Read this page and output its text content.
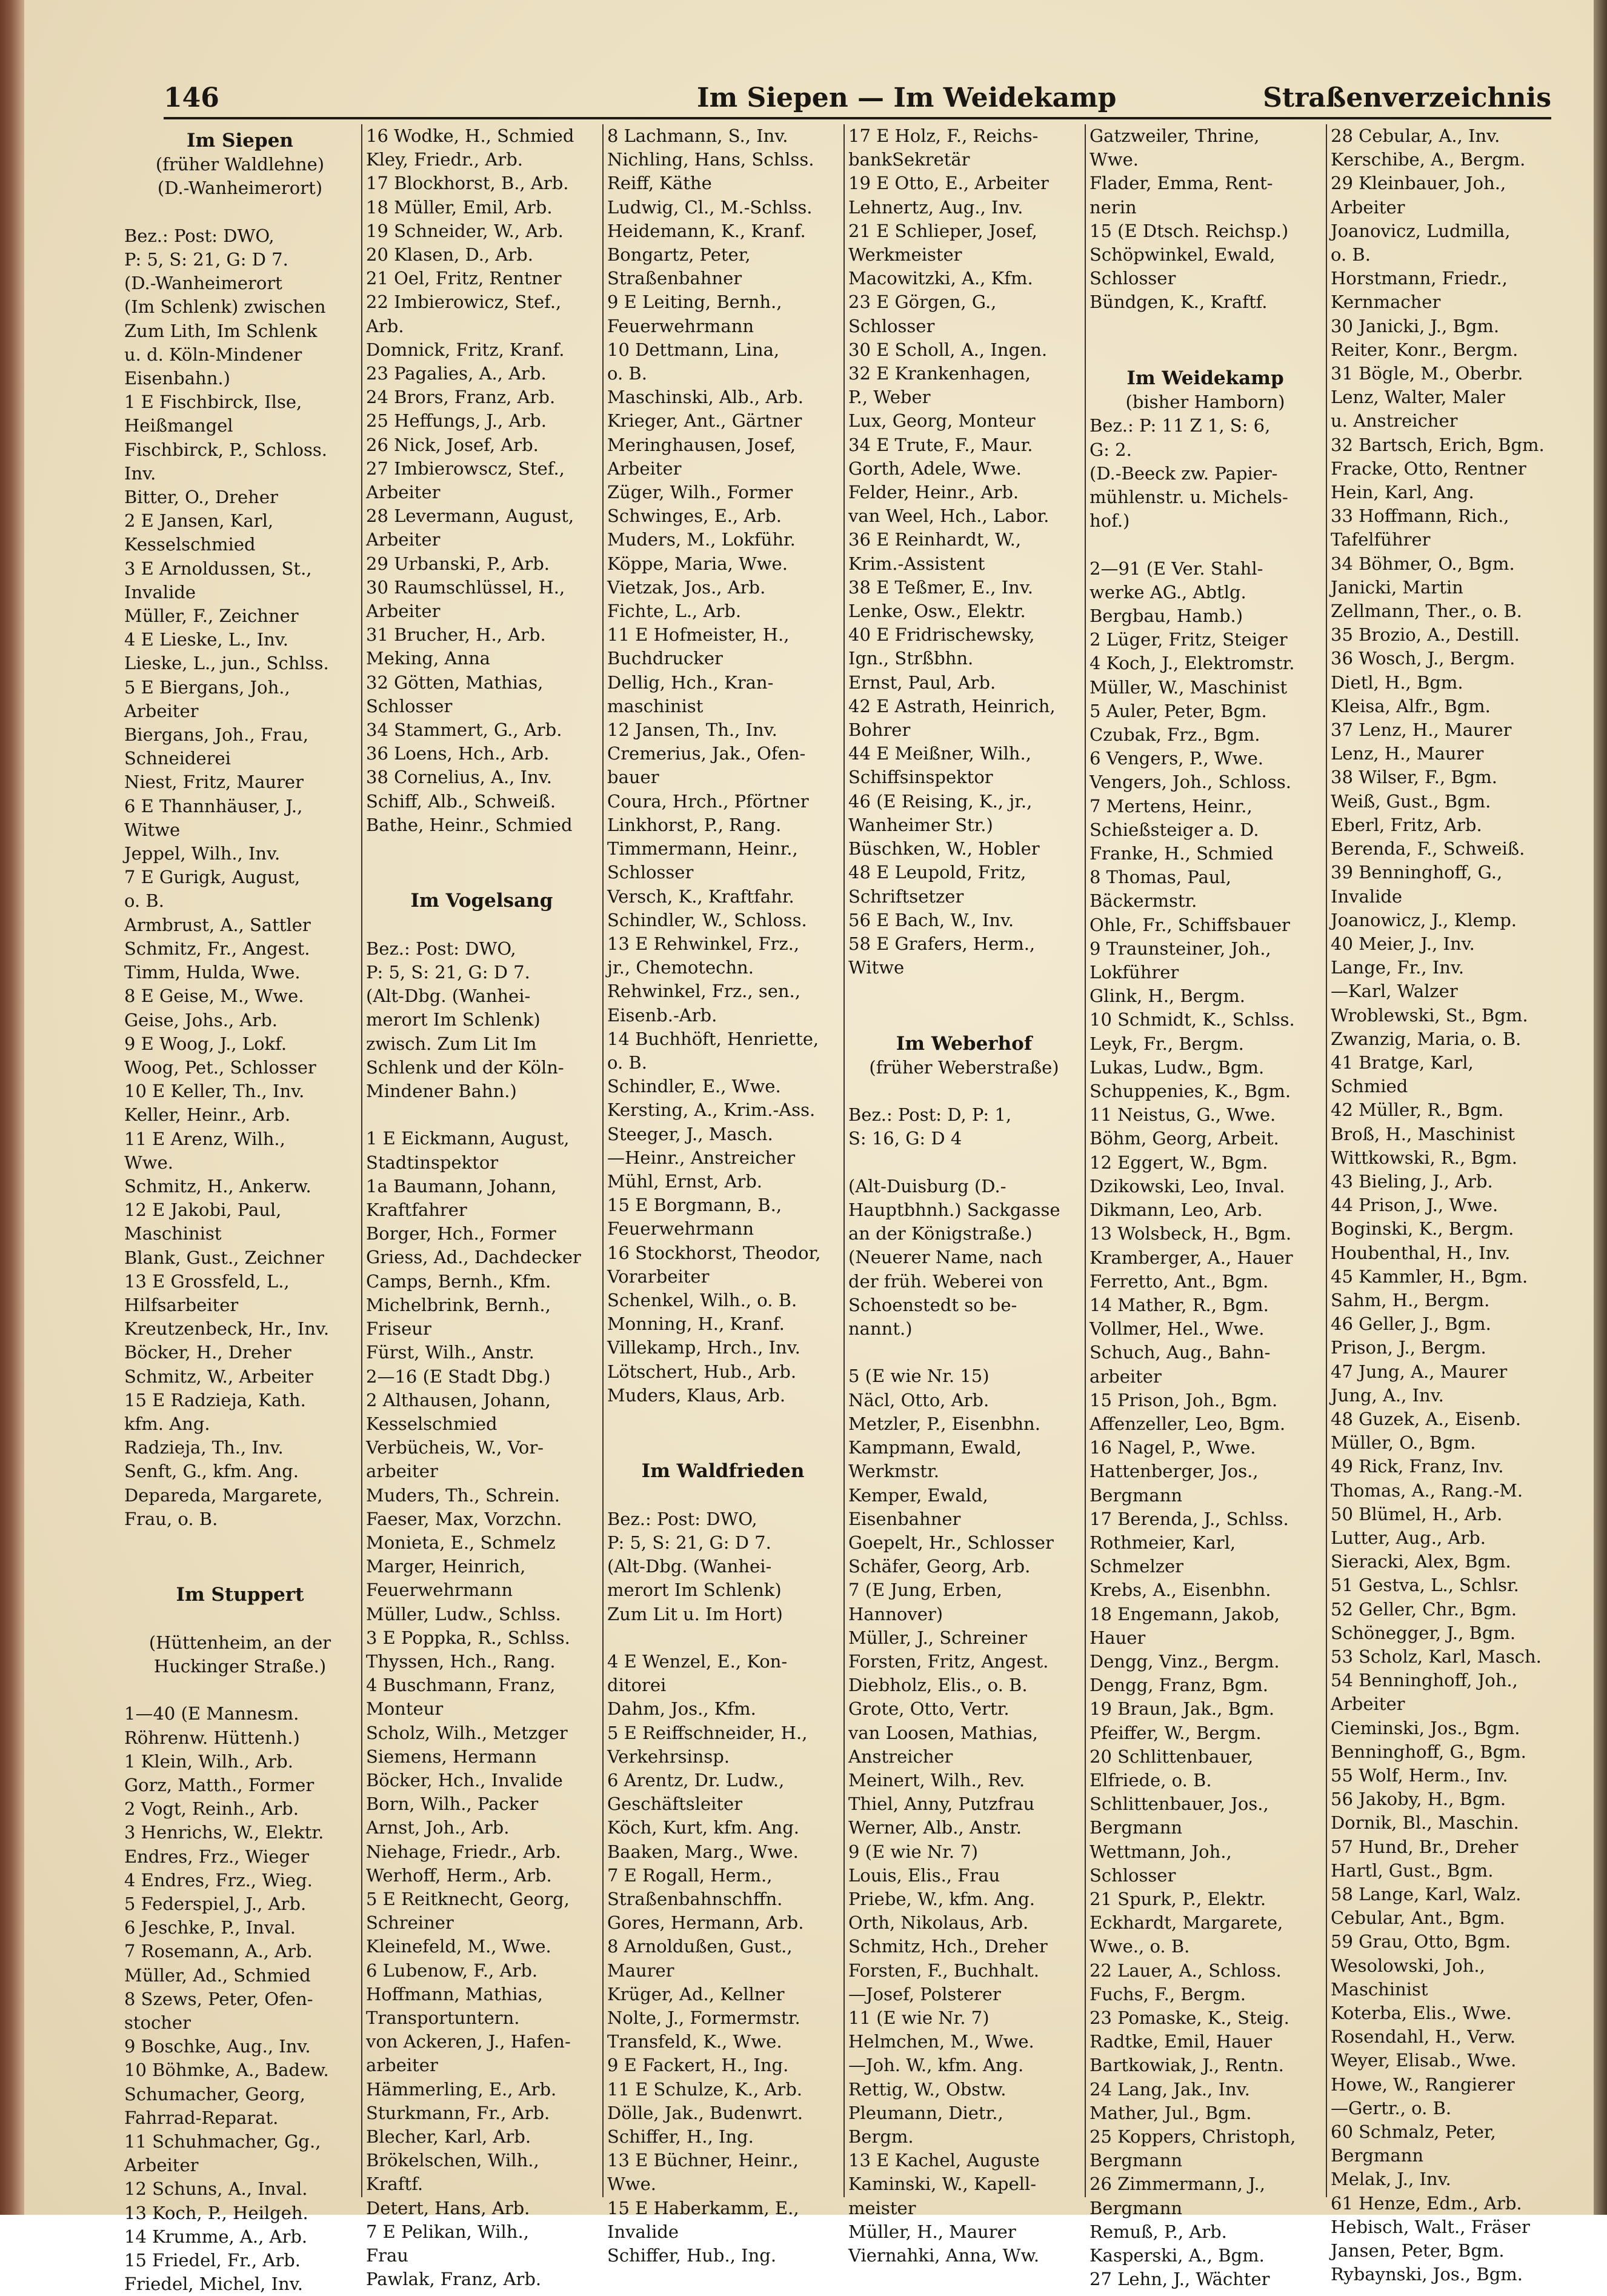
146	Im Siepen — Im Weidekamp	Straßenverzeichnis
Im Siepen
(früher Waldlehne)
(D.-Wanheimerort)
Bez.: Post: DWO,
P: 5, S: 21, G: D 7.
(D.-Wanheimerort
(Im Schlenk) zwischen
Zum Lith, Im Schlenk
u. d. Köln-Mindener
Eisenbahn.)
1 E Fischbirck, Ilse,
Heißmangel
Fischbirck, P., Schloss.
Inv.
Bitter, O., Dreher
2 E Jansen, Karl,
Kesselschmied
3 E Arnoldussen, St.,
Invalide
Müller, F., Zeichner
4 E Lieske, L., Inv.
Lieske, L., jun., Schlss.
5 E Biergans, Joh.,
Arbeiter
Biergans, Joh., Frau,
Schneiderei
Niest, Fritz, Maurer
6 E Thannhäuser, J.,
Witwe
Jeppel, Wilh., Inv.
7 E Gurigk, August,
o. B.
Armbrust, A., Sattler
Schmitz, Fr., Angest.
Timm, Hulda, Wwe.
8 E Geise, M., Wwe.
Geise, Johs., Arb.
9 E Woog, J., Lokf.
Woog, Pet., Schlosser
10 E Keller, Th., Inv.
Keller, Heinr., Arb.
11 E Arenz, Wilh.,
Wwe.
Schmitz, H., Ankerw.
12 E Jakobi, Paul,
Maschinist
Blank, Gust., Zeichner
13 E Grossfeld, L.,
Hilfsarbeiter
Kreutzenbeck, Hr., Inv.
Böcker, H., Dreher
Schmitz, W., Arbeiter
15 E Radzieja, Kath.
kfm. Ang.
Radzieja, Th., Inv.
Senft, G., kfm. Ang.
Depareda, Margarete,
Frau, o. B.
Im Stuppert
(Hüttenheim, an der
Huckinger Straße.)
1—40 (E Mannesm.
Röhrenw. Hüttenh.)
1 Klein, Wilh., Arb.
Gorz, Matth., Former
2 Vogt, Reinh., Arb.
3 Henrichs, W., Elektr.
Endres, Frz., Wieger
4 Endres, Frz., Wieg.
5 Federspiel, J., Arb.
6 Jeschke, P., Inval.
7 Rosemann, A., Arb.
Müller, Ad., Schmied
8 Szews, Peter, Ofen-
stocher
9 Boschke, Aug., Inv.
10 Böhmke, A., Badew.
Schumacher, Georg,
Fahrrad-Reparat.
11 Schuhmacher, Gg.,
Arbeiter
12 Schuns, A., Inval.
13 Koch, P., Heilgeh.
14 Krumme, A., Arb.
15 Friedel, Fr., Arb.
Friedel, Michel, Inv.
16 Wodke, H., Schmied
Kley, Friedr., Arb.
17 Blockhorst, B., Arb.
18 Müller, Emil, Arb.
19 Schneider, W., Arb.
20 Klasen, D., Arb.
21 Oel, Fritz, Rentner
22 Imbierowicz, Stef.,
Arb.
Domnick, Fritz, Kranf.
23 Pagalies, A., Arb.
24 Brors, Franz, Arb.
25 Heffungs, J., Arb.
26 Nick, Josef, Arb.
27 Imbierowscz, Stef.,
Arbeiter
28 Levermann, August,
Arbeiter
29 Urbanski, P., Arb.
30 Raumschlüssel, H.,
Arbeiter
31 Brucher, H., Arb.
Meking, Anna
32 Götten, Mathias,
Schlosser
34 Stammert, G., Arb.
36 Loens, Hch., Arb.
38 Cornelius, A., Inv.
Schiff, Alb., Schweiß.
Bathe, Heinr., Schmied
Im Vogelsang
Bez.: Post: DWO,
P: 5, S: 21, G: D 7.
(Alt-Dbg. (Wanhei-
merort Im Schlenk)
zwisch. Zum Lit Im
Schlenk und der Köln-
Mindener Bahn.)
1 E Eickmann, August,
Stadtinspektor
1a Baumann, Johann,
Kraftfahrer
Borger, Hch., Former
Griess, Ad., Dachdecker
Camps, Bernh., Kfm.
Michelbrink, Bernh.,
Friseur
Fürst, Wilh., Anstr.
2—16 (E Stadt Dbg.)
2 Althausen, Johann,
Kesselschmied
Verbücheis, W., Vor-
arbeiter
Muders, Th., Schrein.
Faeser, Max, Vorzchn.
Monieta, E., Schmelz
Marger, Heinrich,
Feuerwehrmann
Müller, Ludw., Schlss.
3 E Poppka, R., Schlss.
Thyssen, Hch., Rang.
4 Buschmann, Franz,
Monteur
Scholz, Wilh., Metzger
Siemens, Hermann
Böcker, Hch., Invalide
Born, Wilh., Packer
Arnst, Joh., Arb.
Niehage, Friedr., Arb.
Werhoff, Herm., Arb.
5 E Reitknecht, Georg,
Schreiner
Kleinefeld, M., Wwe.
6 Lubenow, F., Arb.
Hoffmann, Mathias,
Transportuntern.
von Ackeren, J., Hafen-
arbeiter
Hämmerling, E., Arb.
Sturkmann, Fr., Arb.
Blecher, Karl, Arb.
Brökelschen, Wilh.,
Kraftf.
Detert, Hans, Arb.
7 E Pelikan, Wilh.,
Frau
Pawlak, Franz, Arb.
8 Lachmann, S., Inv.
Nichling, Hans, Schlss.
Reiff, Käthe
Ludwig, Cl., M.-Schlss.
Heidemann, K., Kranf.
Bongartz, Peter,
Straßenbahner
9 E Leiting, Bernh.,
Feuerwehrmann
10 Dettmann, Lina,
o. B.
Maschinski, Alb., Arb.
Krieger, Ant., Gärtner
Meringhausen, Josef,
Arbeiter
Züger, Wilh., Former
Schwinges, E., Arb.
Muders, M., Lokführ.
Köppe, Maria, Wwe.
Vietzak, Jos., Arb.
Fichte, L., Arb.
11 E Hofmeister, H.,
Buchdrucker
Dellig, Hch., Kran-
maschinist
12 Jansen, Th., Inv.
Cremerius, Jak., Ofen-
bauer
Coura, Hrch., Pförtner
Linkhorst, P., Rang.
Timmermann, Heinr.,
Schlosser
Versch, K., Kraftfahr.
Schindler, W., Schloss.
13 E Rehwinkel, Frz.,
jr., Chemotechn.
Rehwinkel, Frz., sen.,
Eisenb.-Arb.
14 Buchhöft, Henriette,
o. B.
Schindler, E., Wwe.
Kersting, A., Krim.-Ass.
Steeger, J., Masch.
—Heinr., Anstreicher
Mühl, Ernst, Arb.
15 E Borgmann, B.,
Feuerwehrmann
16 Stockhorst, Theodor,
Vorarbeiter
Schenkel, Wilh., o. B.
Monning, H., Kranf.
Villekamp, Hrch., Inv.
Lötschert, Hub., Arb.
Muders, Klaus, Arb.
Im Waldfrieden
Bez.: Post: DWO,
P: 5, S: 21, G: D 7.
(Alt-Dbg. (Wanhei-
merort Im Schlenk)
Zum Lit u. Im Hort)
4 E Wenzel, E., Kon-
ditorei
Dahm, Jos., Kfm.
5 E Reiffschneider, H.,
Verkehrsinsp.
6 Arentz, Dr. Ludw.,
Geschäftsleiter
Köch, Kurt, kfm. Ang.
Baaken, Marg., Wwe.
7 E Rogall, Herm.,
Straßenbahnschffn.
Gores, Hermann, Arb.
8 Arnoldußen, Gust.,
Maurer
Krüger, Ad., Kellner
Nolte, J., Formermstr.
Transfeld, K., Wwe.
9 E Fackert, H., Ing.
11 E Schulze, K., Arb.
Dölle, Jak., Budenwrt.
Schiffer, H., Ing.
13 E Büchner, Heinr.,
Wwe.
15 E Haberkamm, E.,
Invalide
Schiffer, Hub., Ing.
17 E Holz, F., Reichs-
bankSekretär
19 E Otto, E., Arbeiter
Lehnertz, Aug., Inv.
21 E Schlieper, Josef,
Werkmeister
Macowitzki, A., Kfm.
23 E Görgen, G.,
Schlosser
30 E Scholl, A., Ingen.
32 E Krankenhagen,
P., Weber
Lux, Georg, Monteur
34 E Trute, F., Maur.
Gorth, Adele, Wwe.
Felder, Heinr., Arb.
van Weel, Hch., Labor.
36 E Reinhardt, W.,
Krim.-Assistent
38 E Teßmer, E., Inv.
Lenke, Osw., Elektr.
40 E Fridrischewsky,
Ign., Strßbhn.
Ernst, Paul, Arb.
42 E Astrath, Heinrich,
Bohrer
44 E Meißner, Wilh.,
Schiffsinspektor
46 (E Reising, K., jr.,
Wanheimer Str.)
Büschken, W., Hobler
48 E Leupold, Fritz,
Schriftsetzer
56 E Bach, W., Inv.
58 E Grafers, Herm.,
Witwe
Im Weberhof
(früher Weberstraße)
Bez.: Post: D, P: 1,
S: 16, G: D 4
(Alt-Duisburg (D.-
Hauptbhnh.) Sackgasse
an der Königstraße.)
(Neuerer Name, nach
der früh. Weberei von
Schoenstedt so be-
nannt.)
5 (E wie Nr. 15)
Näcl, Otto, Arb.
Metzler, P., Eisenbhn.
Kampmann, Ewald,
Werkmstr.
Kemper, Ewald,
Eisenbahner
Goepelt, Hr., Schlosser
Schäfer, Georg, Arb.
7 (E Jung, Erben,
Hannover)
Müller, J., Schreiner
Forsten, Fritz, Angest.
Diebholz, Elis., o. B.
Grote, Otto, Vertr.
van Loosen, Mathias,
Anstreicher
Meinert, Wilh., Rev.
Thiel, Anny, Putzfrau
Werner, Alb., Anstr.
9 (E wie Nr. 7)
Louis, Elis., Frau
Priebe, W., kfm. Ang.
Orth, Nikolaus, Arb.
Schmitz, Hch., Dreher
Forsten, F., Buchhalt.
—Josef, Polsterer
11 (E wie Nr. 7)
Helmchen, M., Wwe.
—Joh. W., kfm. Ang.
Rettig, W., Obstw.
Pleumann, Dietr.,
Bergm.
13 E Kachel, Auguste
Kaminski, W., Kapell-
meister
Müller, H., Maurer
Viernahki, Anna, Ww.
Gatzweiler, Thrine,
Wwe.
Flader, Emma, Rent-
nerin
15 (E Dtsch. Reichsp.)
Schöpwinkel, Ewald,
Schlosser
Bündgen, K., Kraftf.
Im Weidekamp
(bisher Hamborn)
Bez.: P: 11 Z 1, S: 6,
G: 2.
(D.-Beeck zw. Papier-
mühlenstr. u. Michels-
hof.)
2—91 (E Ver. Stahl-
werke AG., Abtlg.
Bergbau, Hamb.)
2 Lüger, Fritz, Steiger
4 Koch, J., Elektromstr.
Müller, W., Maschinist
5 Auler, Peter, Bgm.
Czubak, Frz., Bgm.
6 Vengers, P., Wwe.
Vengers, Joh., Schloss.
7 Mertens, Heinr.,
Schießsteiger a. D.
Franke, H., Schmied
8 Thomas, Paul,
Bäckermstr.
Ohle, Fr., Schiffsbauer
9 Traunsteiner, Joh.,
Lokführer
Glink, H., Bergm.
10 Schmidt, K., Schlss.
Leyk, Fr., Bergm.
Lukas, Ludw., Bgm.
Schuppenies, K., Bgm.
11 Neistus, G., Wwe.
Böhm, Georg, Arbeit.
12 Eggert, W., Bgm.
Dzikowski, Leo, Inval.
Dikmann, Leo, Arb.
13 Wolsbeck, H., Bgm.
Kramberger, A., Hauer
Ferretto, Ant., Bgm.
14 Mather, R., Bgm.
Vollmer, Hel., Wwe.
Schuch, Aug., Bahn-
arbeiter
15 Prison, Joh., Bgm.
Affenzeller, Leo, Bgm.
16 Nagel, P., Wwe.
Hattenberger, Jos.,
Bergmann
17 Berenda, J., Schlss.
Rothmeier, Karl,
Schmelzer
Krebs, A., Eisenbhn.
18 Engemann, Jakob,
Hauer
Dengg, Vinz., Bergm.
Dengg, Franz, Bgm.
19 Braun, Jak., Bgm.
Pfeiffer, W., Bergm.
20 Schlittenbauer,
Elfriede, o. B.
Schlittenbauer, Jos.,
Bergmann
Wettmann, Joh.,
Schlosser
21 Spurk, P., Elektr.
Eckhardt, Margarete,
Wwe., o. B.
22 Lauer, A., Schloss.
Fuchs, F., Bergm.
23 Pomaske, K., Steig.
Radtke, Emil, Hauer
Bartkowiak, J., Rentn.
24 Lang, Jak., Inv.
Mather, Jul., Bgm.
25 Koppers, Christoph,
Bergmann
26 Zimmermann, J.,
Bergmann
Remuß, P., Arb.
Kasperski, A., Bgm.
27 Lehn, J., Wächter
28 Cebular, A., Inv.
Kerschibe, A., Bergm.
29 Kleinbauer, Joh.,
Arbeiter
Joanovicz, Ludmilla,
o. B.
Horstmann, Friedr.,
Kernmacher
30 Janicki, J., Bgm.
Reiter, Konr., Bergm.
31 Bögle, M., Oberbr.
Lenz, Walter, Maler
u. Anstreicher
32 Bartsch, Erich, Bgm.
Fracke, Otto, Rentner
Hein, Karl, Ang.
33 Hoffmann, Rich.,
Tafelführer
34 Böhmer, O., Bgm.
Janicki, Martin
Zellmann, Ther., o. B.
35 Brozio, A., Destill.
36 Wosch, J., Bergm.
Dietl, H., Bgm.
Kleisa, Alfr., Bgm.
37 Lenz, H., Maurer
Lenz, H., Maurer
38 Wilser, F., Bgm.
Weiß, Gust., Bgm.
Eberl, Fritz, Arb.
Berenda, F., Schweiß.
39 Benninghoff, G.,
Invalide
Joanowicz, J., Klemp.
40 Meier, J., Inv.
Lange, Fr., Inv.
—Karl, Walzer
Wroblewski, St., Bgm.
Zwanzig, Maria, o. B.
41 Bratge, Karl,
Schmied
42 Müller, R., Bgm.
Broß, H., Maschinist
Wittkowski, R., Bgm.
43 Bieling, J., Arb.
44 Prison, J., Wwe.
Boginski, K., Bergm.
Houbenthal, H., Inv.
45 Kammler, H., Bgm.
Sahm, H., Bergm.
46 Geller, J., Bgm.
Prison, J., Bergm.
47 Jung, A., Maurer
Jung, A., Inv.
48 Guzek, A., Eisenb.
Müller, O., Bgm.
49 Rick, Franz, Inv.
Thomas, A., Rang.-M.
50 Blümel, H., Arb.
Lutter, Aug., Arb.
Sieracki, Alex, Bgm.
51 Gestva, L., Schlsr.
52 Geller, Chr., Bgm.
Schönegger, J., Bgm.
53 Scholz, Karl, Masch.
54 Benninghoff, Joh.,
Arbeiter
Cieminski, Jos., Bgm.
Benninghoff, G., Bgm.
55 Wolf, Herm., Inv.
56 Jakoby, H., Bgm.
Dornik, Bl., Maschin.
57 Hund, Br., Dreher
Hartl, Gust., Bgm.
58 Lange, Karl, Walz.
Cebular, Ant., Bgm.
59 Grau, Otto, Bgm.
Wesolowski, Joh.,
Maschinist
Koterba, Elis., Wwe.
Rosendahl, H., Verw.
Weyer, Elisab., Wwe.
Howe, W., Rangierer
—Gertr., o. B.
60 Schmalz, Peter,
Bergmann
Melak, J., Inv.
61 Henze, Edm., Arb.
Hebisch, Walt., Fräser
Jansen, Peter, Bgm.
Rybaynski, Jos., Bgm.
